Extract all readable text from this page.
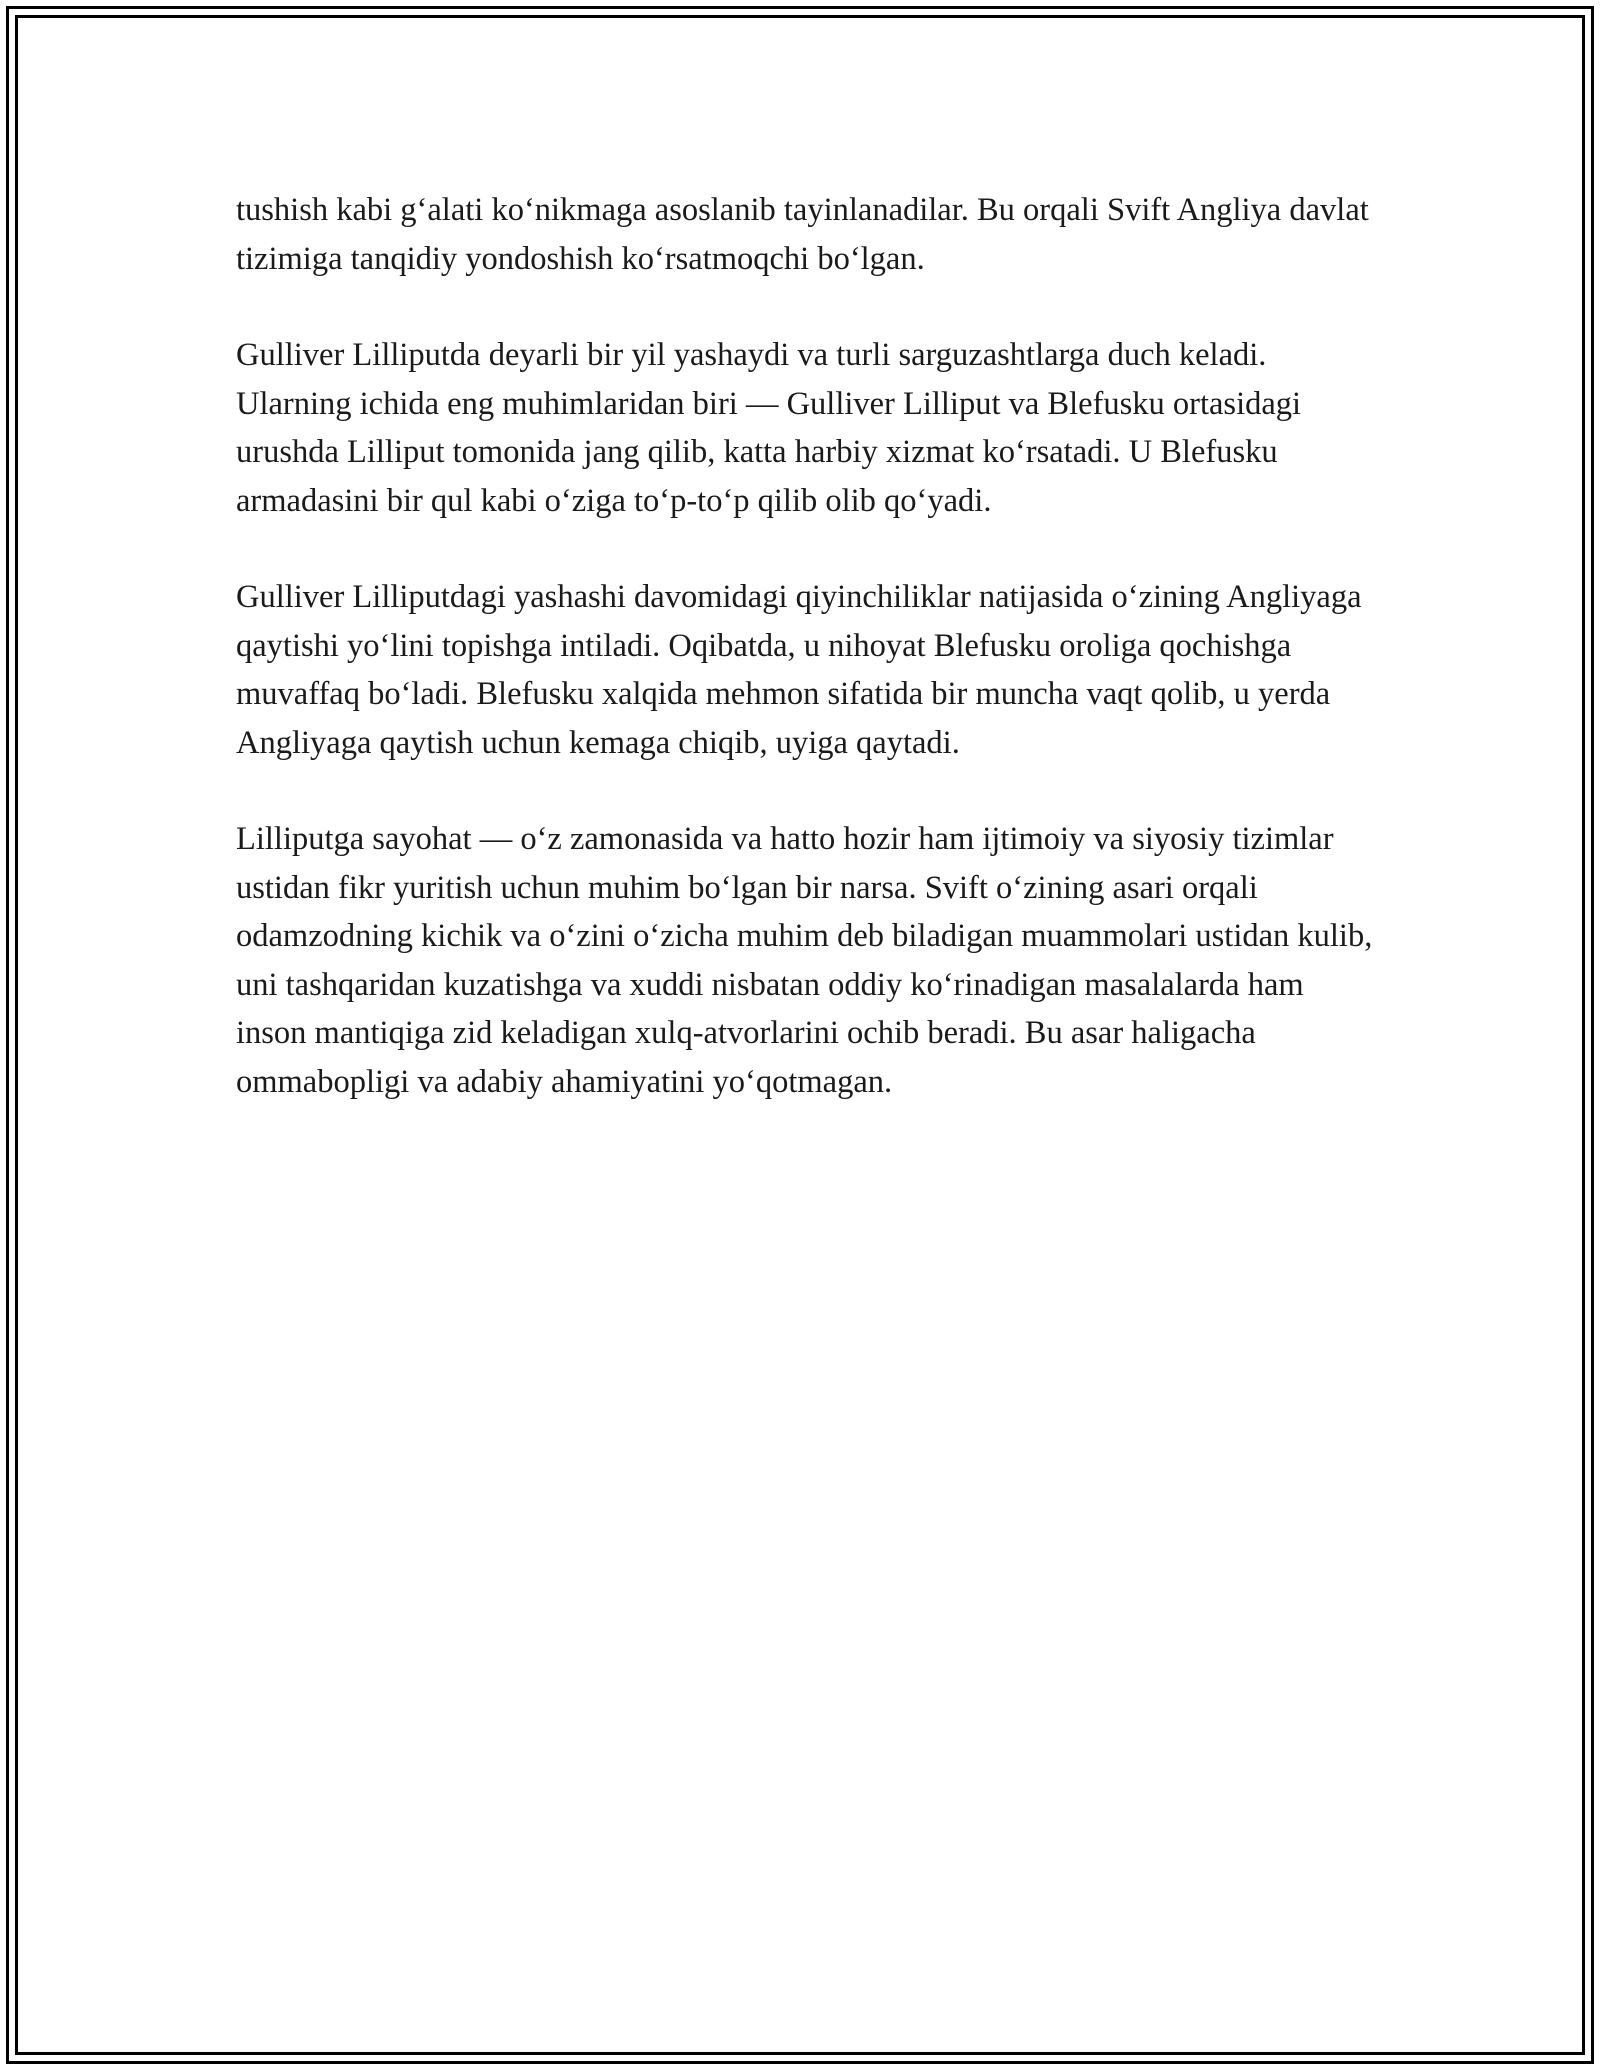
tushish kabi g‘alati ko‘nikmaga asoslanib tayinlanadilar. Bu orqali Svift Angliya davlat tizimiga tanqidiy yondoshish ko‘rsatmoqchi bo‘lgan.

Gulliver Lilliputda deyarli bir yil yashaydi va turli sarguzashtlarga duch keladi. Ularning ichida eng muhimlaridan biri — Gulliver Lilliput va Blefusku ortasidagi urushda Lilliput tomonida jang qilib, katta harbiy xizmat ko‘rsatadi. U Blefusku armadasini bir qul kabi o‘ziga to‘p-to‘p qilib olib qo‘yadi.

Gulliver Lilliputdagi yashashi davomidagi qiyinchiliklar natijasida o‘zining Angliyaga qaytishi yo‘lini topishga intiladi. Oqibatda, u nihoyat Blefusku oroliga qochishga muvaffaq bo‘ladi. Blefusku xalqida mehmon sifatida bir muncha vaqt qolib, u yerda Angliyaga qaytish uchun kemaga chiqib, uyiga qaytadi.

Lilliputga sayohat — o‘z zamonasida va hatto hozir ham ijtimoiy va siyosiy tizimlar ustidan fikr yuritish uchun muhim bo‘lgan bir narsa. Svift o‘zining asari orqali odamzodning kichik va o‘zini o‘zicha muhim deb biladigan muammolari ustidan kulib, uni tashqaridan kuzatishga va xuddi nisbatan oddiy ko‘rinadigan masalalarda ham inson mantiqiga zid keladigan xulq-atvorlarini ochib beradi. Bu asar haligacha ommabopligi va adabiy ahamiyatini yo‘qotmagan.
